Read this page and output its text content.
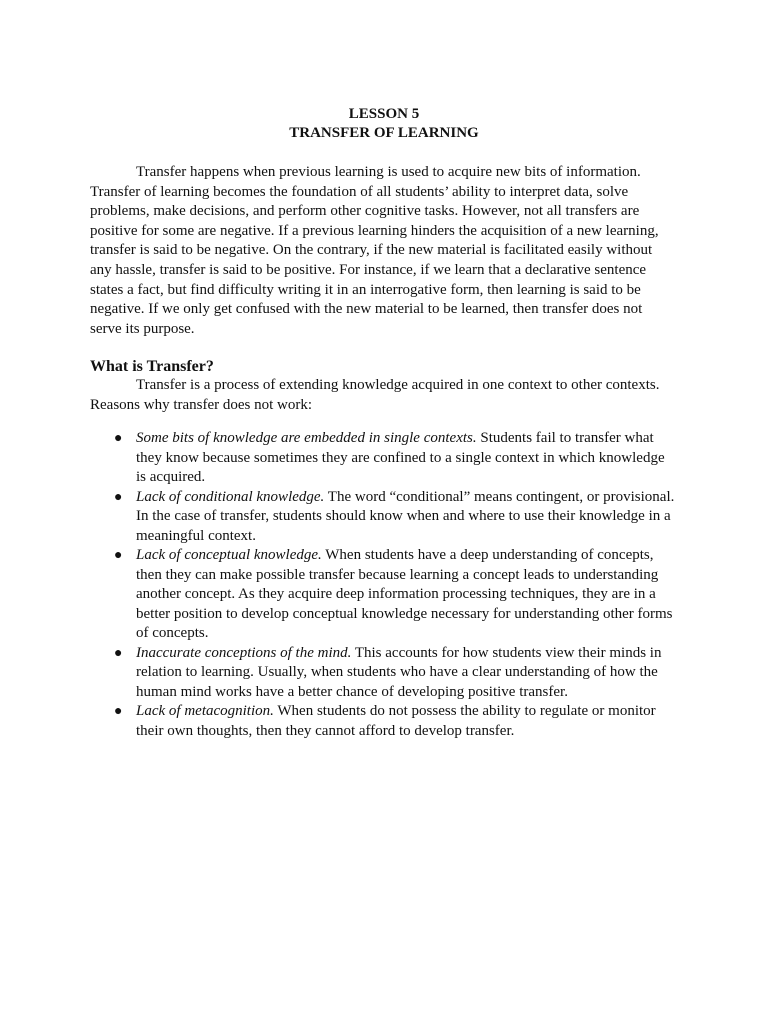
LESSON 5
TRANSFER OF LEARNING

Transfer happens when previous learning is used to acquire new bits of information. Transfer of learning becomes the foundation of all students’ ability to interpret data, solve problems, make decisions, and perform other cognitive tasks. However, not all transfers are positive for some are negative. If a previous learning hinders the acquisition of a new learning, transfer is said to be negative. On the contrary, if the new material is facilitated easily without any hassle, transfer is said to be positive. For instance, if we learn that a declarative sentence states a fact, but find difficulty writing it in an interrogative form, then learning is said to be negative. If we only get confused with the new material to be learned, then transfer does not serve its purpose.

What is Transfer?

Transfer is a process of extending knowledge acquired in one context to other contexts. Reasons why transfer does not work:

● Some bits of knowledge are embedded in single contexts. Students fail to transfer what they know because sometimes they are confined to a single context in which knowledge is acquired.
● Lack of conditional knowledge. The word “conditional” means contingent, or provisional. In the case of transfer, students should know when and where to use their knowledge in a meaningful context.
● Lack of conceptual knowledge. When students have a deep understanding of concepts, then they can make possible transfer because learning a concept leads to understanding another concept. As they acquire deep information processing techniques, they are in a better position to develop conceptual knowledge necessary for understanding other forms of concepts.
● Inaccurate conceptions of the mind. This accounts for how students view their minds in relation to learning. Usually, when students who have a clear understanding of how the human mind works have a better chance of developing positive transfer.
● Lack of metacognition. When students do not possess the ability to regulate or monitor their own thoughts, then they cannot afford to develop transfer.
